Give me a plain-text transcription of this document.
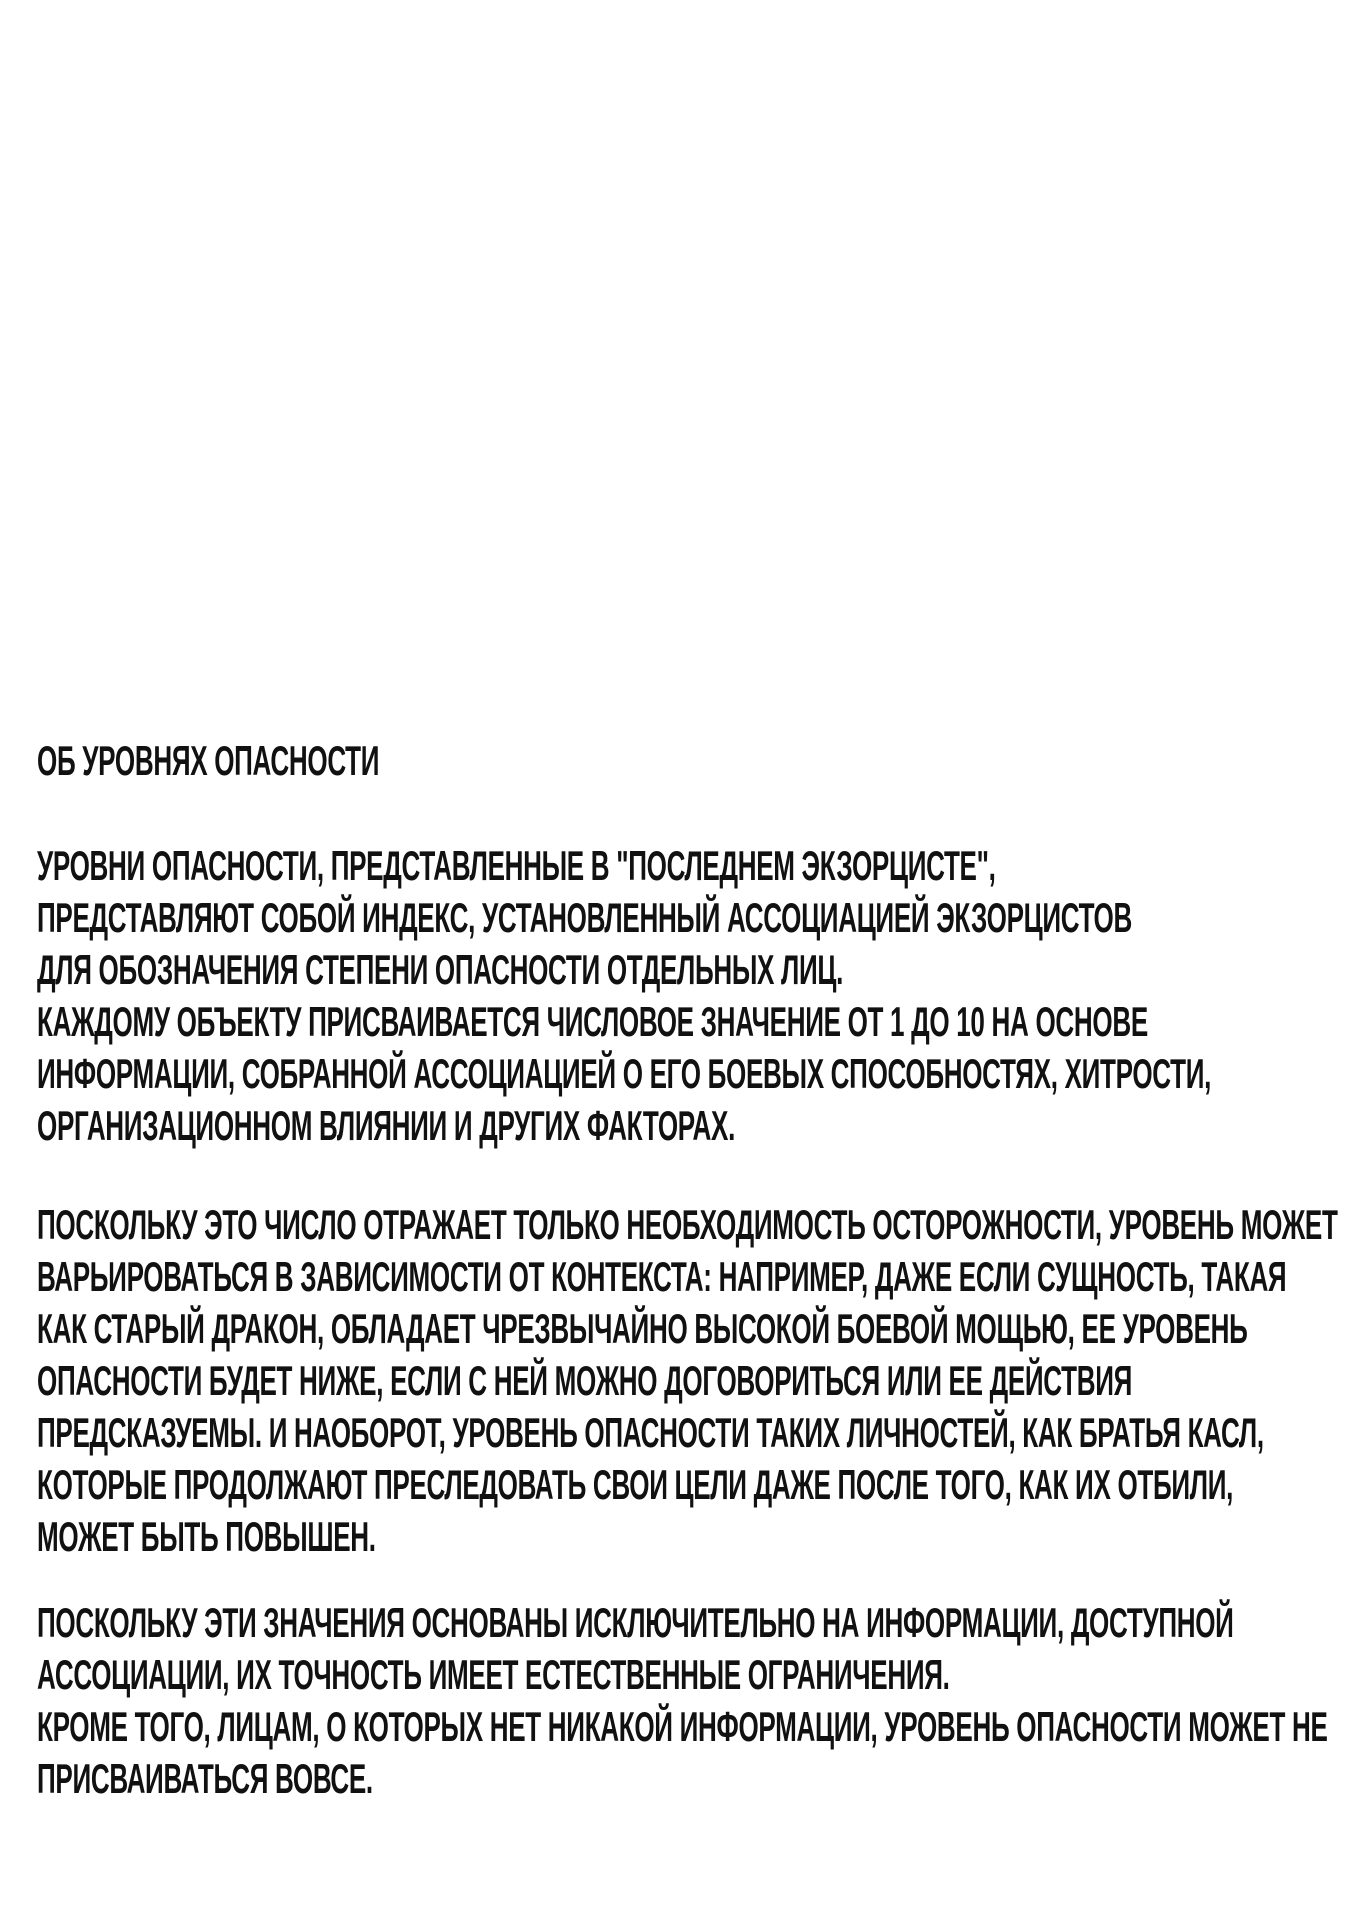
ОБ УРОВНЯХ ОПАСНОСТИ
УРОВНИ ОПАСНОСТИ, ПРЕДСТАВЛЕННЫЕ В "ПОСЛЕДНЕМ ЭКЗОРЦИСТЕ",
ПРЕДСТАВЛЯЮТ СОБОЙ ИНДЕКС, УСТАНОВЛЕННЫЙ АССОЦИАЦИЕЙ ЭКЗОРЦИСТОВ
ДЛЯ ОБОЗНАЧЕНИЯ СТЕПЕНИ ОПАСНОСТИ ОТДЕЛЬНЫХ ЛИЦ.
КАЖДОМУ ОБЪЕКТУ ПРИСВАИВАЕТСЯ ЧИСЛОВОЕ ЗНАЧЕНИЕ ОТ 1 ДО 10 НА ОСНОВЕ
ИНФОРМАЦИИ, СОБРАННОЙ АССОЦИАЦИЕЙ О ЕГО БОЕВЫХ СПОСОБНОСТЯХ, ХИТРОСТИ,
ОРГАНИЗАЦИОННОМ ВЛИЯНИИ И ДРУГИХ ФАКТОРАХ.
ПОСКОЛЬКУ ЭТО ЧИСЛО ОТРАЖАЕТ ТОЛЬКО НЕОБХОДИМОСТЬ ОСТОРОЖНОСТИ, УРОВЕНЬ МОЖЕТ
ВАРЬИРОВАТЬСЯ В ЗАВИСИМОСТИ ОТ КОНТЕКСТА: НАПРИМЕР, ДАЖЕ ЕСЛИ СУЩНОСТЬ, ТАКАЯ
КАК СТАРЫЙ ДРАКОН, ОБЛАДАЕТ ЧРЕЗВЫЧАЙНО ВЫСОКОЙ БОЕВОЙ МОЩЬЮ, ЕЕ УРОВЕНЬ
ОПАСНОСТИ БУДЕТ НИЖЕ, ЕСЛИ С НЕЙ МОЖНО ДОГОВОРИТЬСЯ ИЛИ ЕЕ ДЕЙСТВИЯ
ПРЕДСКАЗУЕМЫ. И НАОБОРОТ, УРОВЕНЬ ОПАСНОСТИ ТАКИХ ЛИЧНОСТЕЙ, КАК БРАТЬЯ КАСЛ,
КОТОРЫЕ ПРОДОЛЖАЮТ ПРЕСЛЕДОВАТЬ СВОИ ЦЕЛИ ДАЖЕ ПОСЛЕ ТОГО, КАК ИХ ОТБИЛИ,
МОЖЕТ БЫТЬ ПОВЫШЕН.
ПОСКОЛЬКУ ЭТИ ЗНАЧЕНИЯ ОСНОВАНЫ ИСКЛЮЧИТЕЛЬНО НА ИНФОРМАЦИИ, ДОСТУПНОЙ
АССОЦИАЦИИ, ИХ ТОЧНОСТЬ ИМЕЕТ ЕСТЕСТВЕННЫЕ ОГРАНИЧЕНИЯ.
КРОМЕ ТОГО, ЛИЦАМ, О КОТОРЫХ НЕТ НИКАКОЙ ИНФОРМАЦИИ, УРОВЕНЬ ОПАСНОСТИ МОЖЕТ НЕ
ПРИСВАИВАТЬСЯ ВОВСЕ.
